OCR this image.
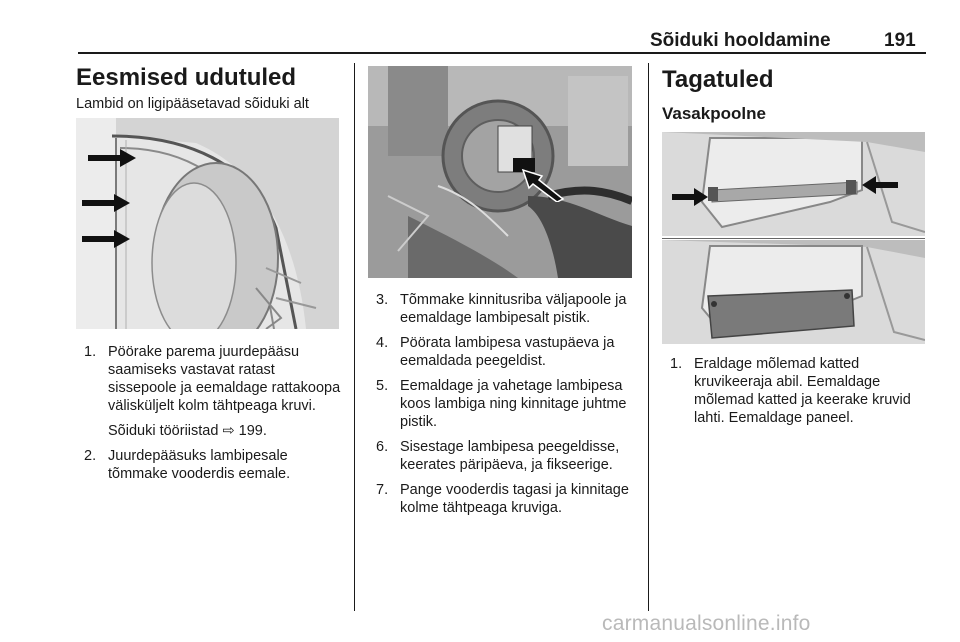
Sõiduki hooldamine	191
Eesmised udutuled
Lambid on ligipääsetavad sõiduki alt
1. Pöörake parema juurdepääsu saamiseks vastavat ratast sissepoole ja eemaldage rattakoopa välisküljelt kolm tähtpeaga kruvi.
Sõiduki tööriistad ⇨ 199.
2. Juurdepääsuks lambipesale tõmmake vooderdis eemale.
3. Tõmmake kinnitusriba väljapoole ja eemaldage lambipesalt pistik.
4. Pöörata lambipesa vastupäeva ja eemaldada peegeldist.
5. Eemaldage ja vahetage lambipesa koos lambiga ning kinnitage juhtme pistik.
6. Sisestage lambipesa peegeldisse, keerates päripäeva, ja fikseerige.
7. Pange vooderdis tagasi ja kinnitage kolme tähtpeaga kruviga.
Tagatuled
Vasakpoolne
1. Eraldage mõlemad katted kruvikeeraja abil. Eemaldage mõlemad katted ja keerake kruvid lahti. Eemaldage paneel.
carmanualsonline.info
